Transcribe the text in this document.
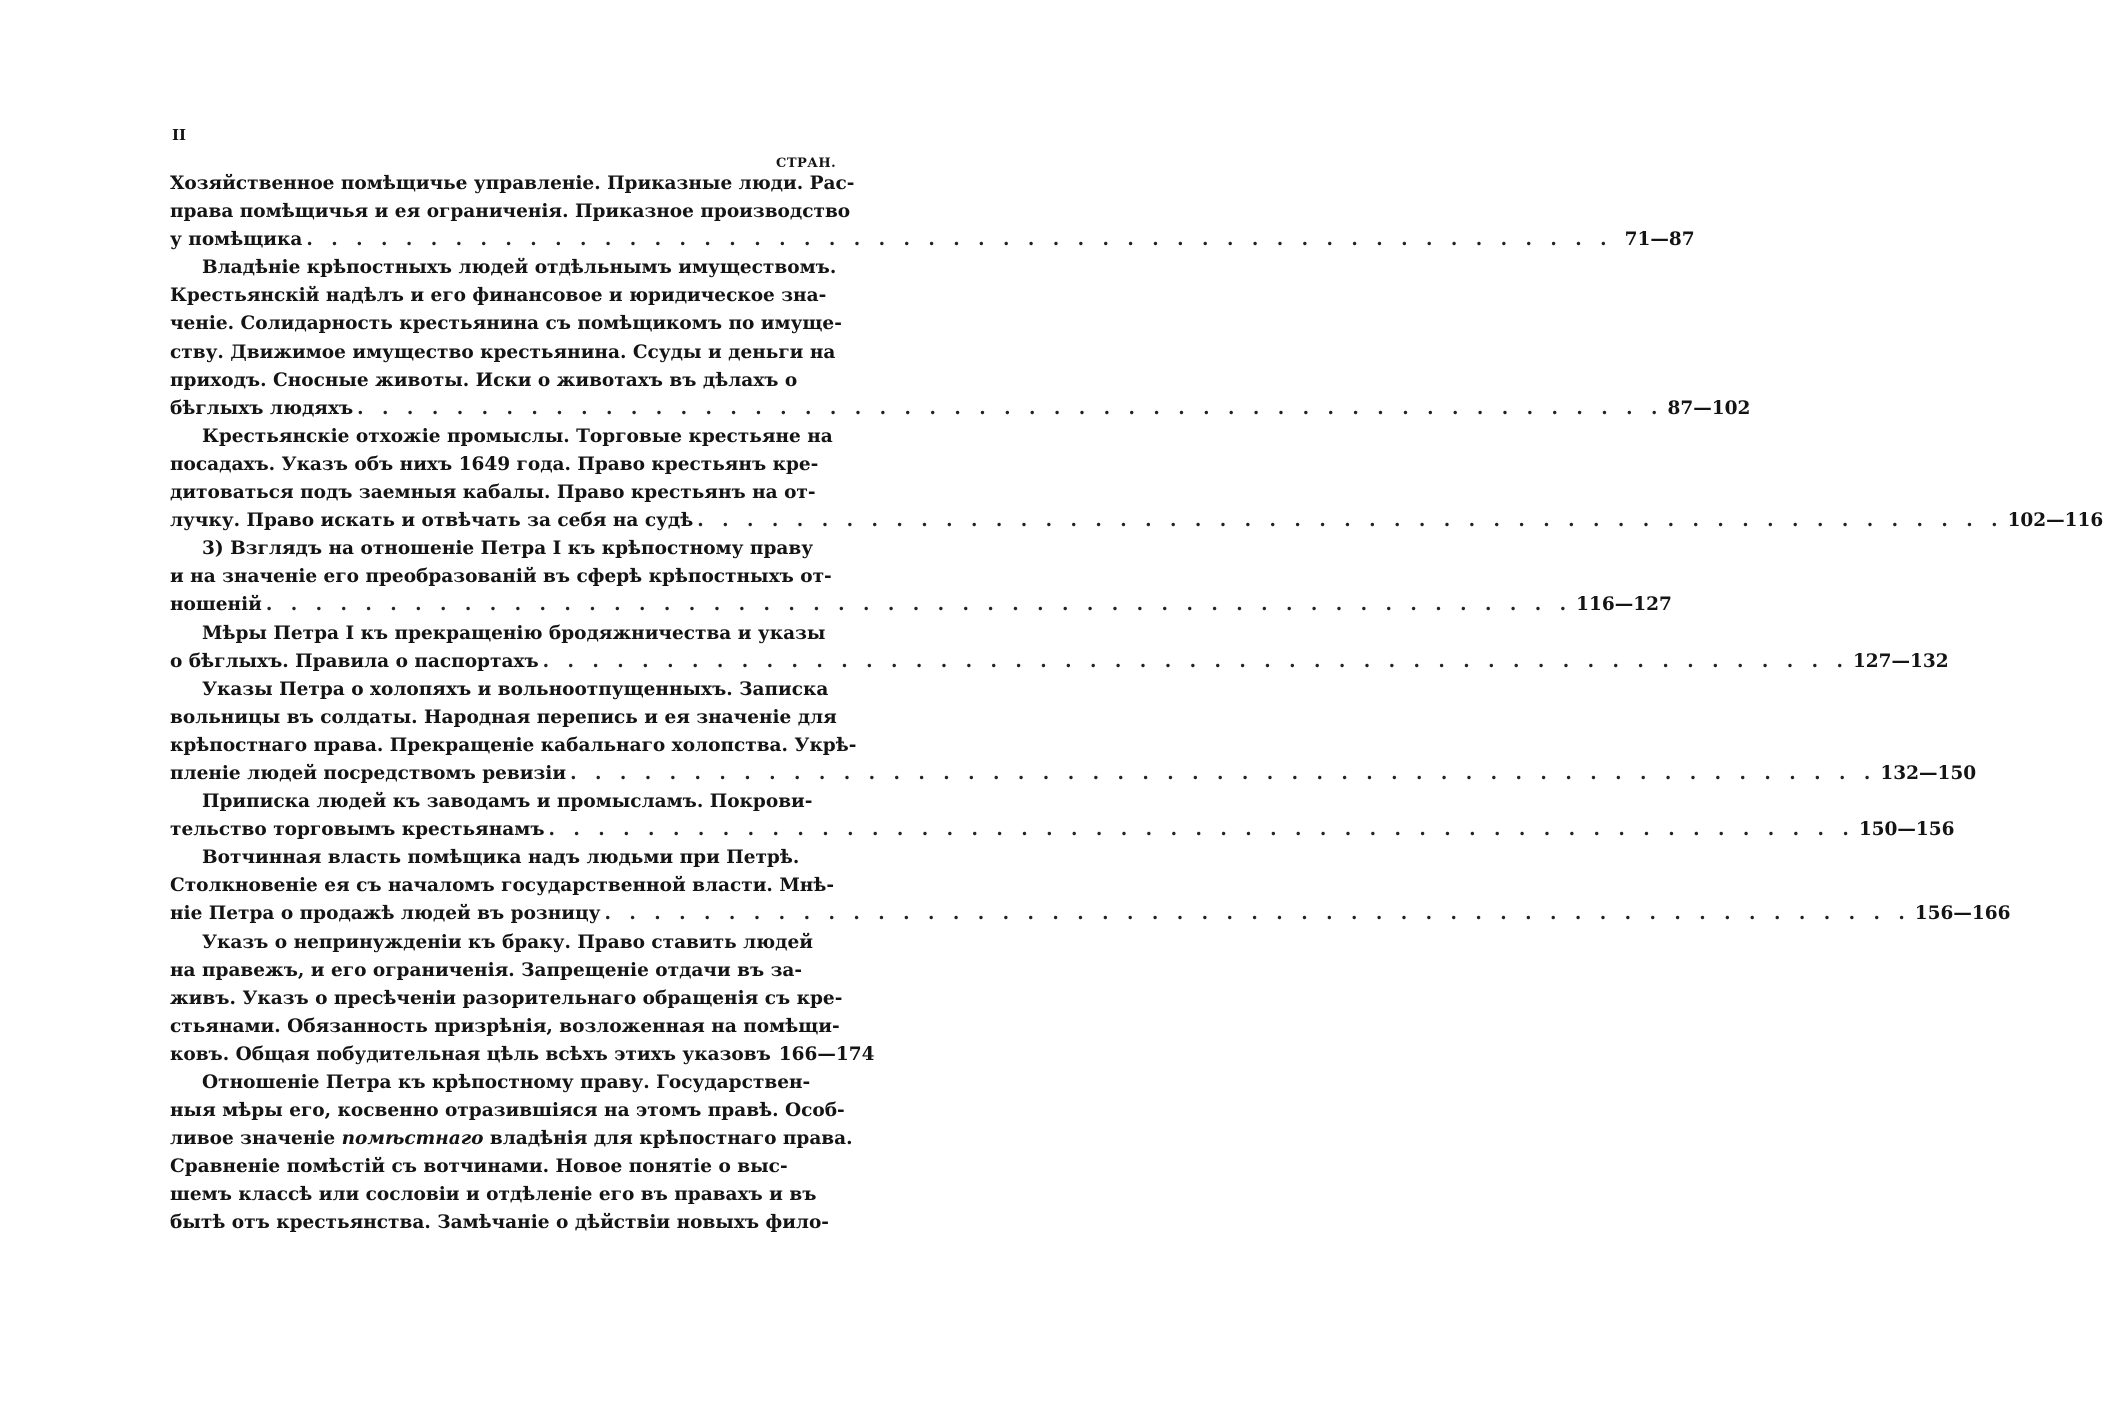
II
СТРАН.
Хозяйственное помѣщичье управленіе. Приказные люди. Рас-
права помѣщичья и ея ограниченія. Приказное производство
у помѣщика . . . . . . . . . . . . . . . . . . . . . . . . . . . . . . . . . . . . . . . . . . . . . . . . . . . . . 71—87
Владѣніе крѣпостныхъ людей отдѣльнымъ имуществомъ.
Крестьянскій надѣлъ и его финансовое и юридическое зна-
ченіе. Солидарность крестьянина съ помѣщикомъ по имуще-
ству. Движимое имущество крестьянина. Ссуды и деньги на
приходъ. Сносные животы. Иски о животахъ въ дѣлахъ о
бѣглыхъ людяхъ . . . . . . . . . . . . . . . . . . . . . . . . . . . . . . . . . . . . . . . . . . . . . . . . . . . . . 87—102
Крестьянскіе отхожіе промыслы. Торговые крестьяне на
посадахъ. Указъ объ нихъ 1649 года. Право крестьянъ кре-
дитоваться подъ заемныя кабалы. Право крестьянъ на от-
лучку. Право искать и отвѣчать за себя на судѣ . . . . . . . . . . . . . . . . . . . . . . . . . . . . . . . . . . . . . . . . . . . . . . . . . . . . . 102—116
3) Взглядъ на отношеніе Петра I къ крѣпостному праву
и на значеніе его преобразованій въ сферѣ крѣпостныхъ от-
ношеній . . . . . . . . . . . . . . . . . . . . . . . . . . . . . . . . . . . . . . . . . . . . . . . . . . . . . 116—127
Мѣры Петра I къ прекращенію бродяжничества и указы
о бѣглыхъ. Правила о паспортахъ . . . . . . . . . . . . . . . . . . . . . . . . . . . . . . . . . . . . . . . . . . . . . . . . . . . . . 127—132
Указы Петра о холопяхъ и вольноотпущенныхъ. Записка
вольницы въ солдаты. Народная перепись и ея значеніе для
крѣпостнаго права. Прекращеніе кабальнаго холопства. Укрѣ-
пленіе людей посредствомъ ревизіи . . . . . . . . . . . . . . . . . . . . . . . . . . . . . . . . . . . . . . . . . . . . . . . . . . . . . 132—150
Приписка людей къ заводамъ и промысламъ. Покрови-
тельство торговымъ крестьянамъ . . . . . . . . . . . . . . . . . . . . . . . . . . . . . . . . . . . . . . . . . . . . . . . . . . . . . 150—156
Вотчинная власть помѣщика надъ людьми при Петрѣ.
Столкновеніе ея съ началомъ государственной власти. Мнѣ-
ніе Петра о продажѣ людей въ розницу . . . . . . . . . . . . . . . . . . . . . . . . . . . . . . . . . . . . . . . . . . . . . . . . . . . . . 156—166
Указъ о непринужденіи къ браку. Право ставить людей
на правежъ, и его ограниченія. Запрещеніе отдачи въ за-
живъ. Указъ о пресѣченіи разорительнаго обращенія съ кре-
стьянами. Обязанность призрѣнія, возложенная на помѣщи-
ковъ. Общая побудительная цѣль всѣхъ этихъ указовъ 166—174
Отношеніе Петра къ крѣпостному праву. Государствен-
ныя мѣры его, косвенно отразившіяся на этомъ правѣ. Особ-
ливое значеніе помѣстнаго владѣнія для крѣпостнаго права.
Сравненіе помѣстій съ вотчинами. Новое понятіе о выс-
шемъ классѣ или сословіи и отдѣленіе его въ правахъ и въ
бытѣ отъ крестьянства. Замѣчаніе о дѣйствіи новыхъ фило-
